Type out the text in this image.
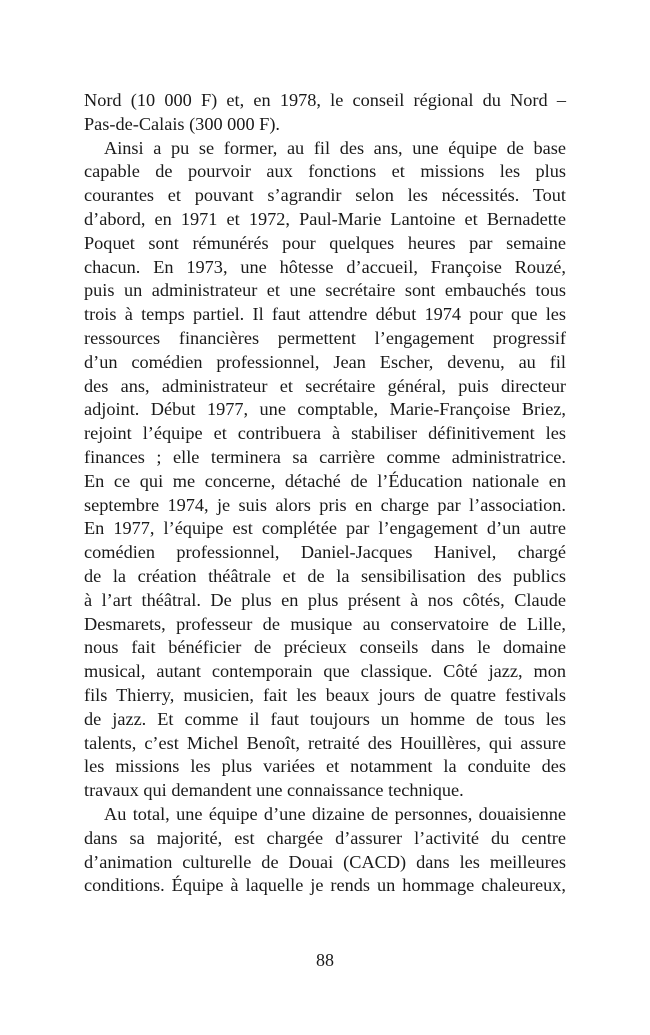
Nord (10 000 F) et, en 1978, le conseil régional du Nord –
Pas-de-Calais (300 000 F).
Ainsi a pu se former, au fil des ans, une équipe de base
capable de pourvoir aux fonctions et missions les plus
courantes et pouvant s’agrandir selon les nécessités. Tout
d’abord, en 1971 et 1972, Paul-Marie Lantoine et Bernadette
Poquet sont rémunérés pour quelques heures par semaine
chacun. En 1973, une hôtesse d’accueil, Françoise Rouzé,
puis un administrateur et une secrétaire sont embauchés tous
trois à temps partiel. Il faut attendre début 1974 pour que les
ressources financières permettent l’engagement progressif
d’un comédien professionnel, Jean Escher, devenu, au fil
des ans, administrateur et secrétaire général, puis directeur
adjoint. Début 1977, une comptable, Marie-Françoise Briez,
rejoint l’équipe et contribuera à stabiliser définitivement les
finances ; elle terminera sa carrière comme administratrice.
En ce qui me concerne, détaché de l’Éducation nationale en
septembre 1974, je suis alors pris en charge par l’association.
En 1977, l’équipe est complétée par l’engagement d’un autre
comédien professionnel, Daniel-Jacques Hanivel, chargé
de la création théâtrale et de la sensibilisation des publics
à l’art théâtral. De plus en plus présent à nos côtés, Claude
Desmarets, professeur de musique au conservatoire de Lille,
nous fait bénéficier de précieux conseils dans le domaine
musical, autant contemporain que classique. Côté jazz, mon
fils Thierry, musicien, fait les beaux jours de quatre festivals
de jazz. Et comme il faut toujours un homme de tous les
talents, c’est Michel Benoît, retraité des Houillères, qui assure
les missions les plus variées et notamment la conduite des
travaux qui demandent une connaissance technique.
Au total, une équipe d’une dizaine de personnes, douaisienne
dans sa majorité, est chargée d’assurer l’activité du centre
d’animation culturelle de Douai (CACD) dans les meilleures
conditions. Équipe à laquelle je rends un hommage chaleureux,
88
